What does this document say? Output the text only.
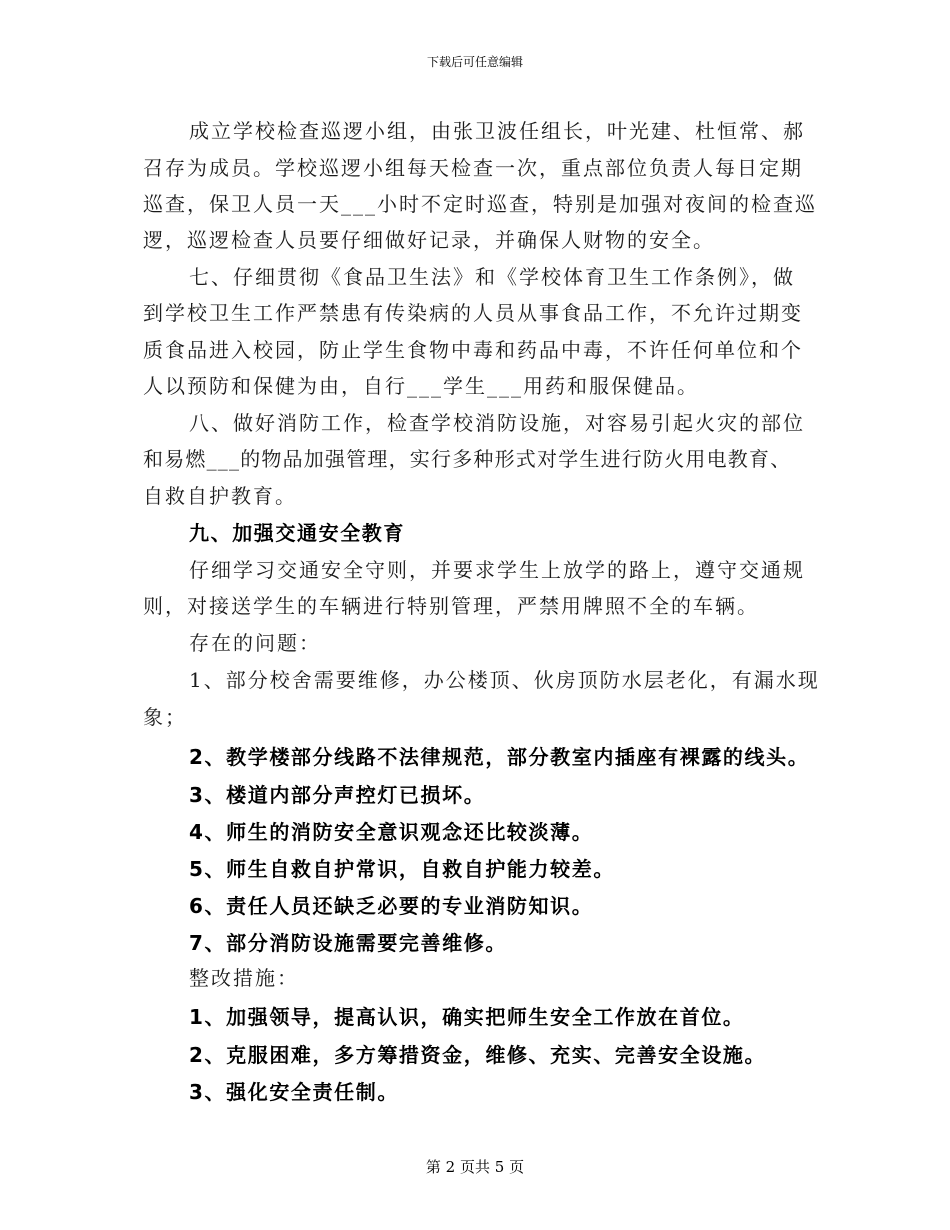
下载后可任意编辑
成立学校检查巡逻小组，由张卫波任组长，叶光建、杜恒常、郝
召存为成员。学校巡逻小组每天检查一次，重点部位负责人每日定期
巡查，保卫人员一天___小时不定时巡查，特别是加强对夜间的检查巡
逻，巡逻检查人员要仔细做好记录，并确保人财物的安全。
七、仔细贯彻《食品卫生法》和《学校体育卫生工作条例》，做
到学校卫生工作严禁患有传染病的人员从事食品工作，不允许过期变
质食品进入校园，防止学生食物中毒和药品中毒，不许任何单位和个
人以预防和保健为由，自行___学生___用药和服保健品。
八、做好消防工作，检查学校消防设施，对容易引起火灾的部位
和易燃___的物品加强管理，实行多种形式对学生进行防火用电教育、
自救自护教育。
九、加强交通安全教育
仔细学习交通安全守则，并要求学生上放学的路上，遵守交通规
则，对接送学生的车辆进行特别管理，严禁用牌照不全的车辆。
存在的问题：
1、部分校舍需要维修，办公楼顶、伙房顶防水层老化，有漏水现
象；
2、教学楼部分线路不法律规范，部分教室内插座有裸露的线头。
3、楼道内部分声控灯已损坏。
4、师生的消防安全意识观念还比较淡薄。
5、师生自救自护常识，自救自护能力较差。
6、责任人员还缺乏必要的专业消防知识。
7、部分消防设施需要完善维修。
整改措施：
1、加强领导，提高认识，确实把师生安全工作放在首位。
2、克服困难，多方筹措资金，维修、充实、完善安全设施。
3、强化安全责任制。
第 2 页共 5 页
